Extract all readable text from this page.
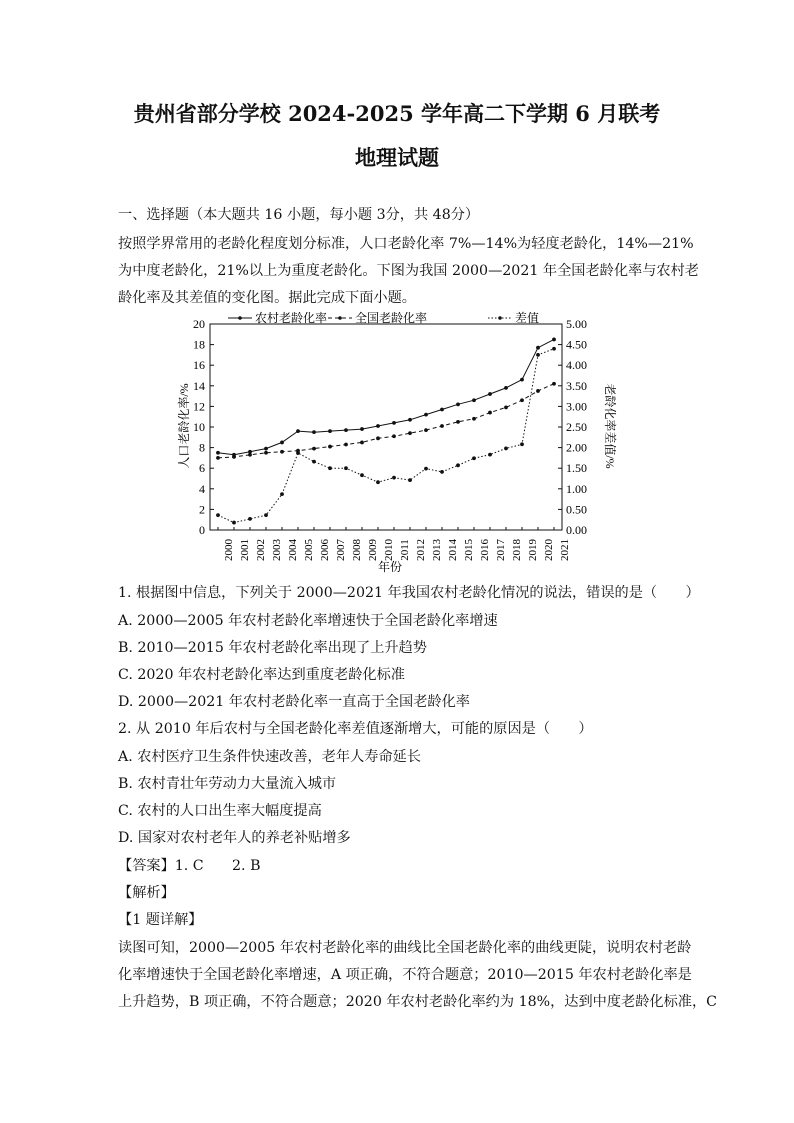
贵州省部分学校 2024-2025 学年高二下学期 6 月联考
地理试题
一、选择题（本大题共 16 小题，每小题 3分，共 48分）
按照学界常用的老龄化程度划分标准，人口老龄化率 7%—14%为轻度老龄化，14%—21%
为中度老龄化，21%以上为重度老龄化。下图为我国 2000—2021 年全国老龄化率与农村老
龄化率及其差值的变化图。据此完成下面小题。
农村老龄化率 全国老龄化率	差值
0
2
4
6
8
10
12
14
16
18
20
0.00
0.50
1.00
1.50
2.00
2.50
3.00
3.50
4.00
4.50
5.00
2000 2001 2002 2003 2004 2005 2006 2007 2008 2009 2010 2011 2012 2013 2014 2015 2016 2017 2018 2019 2020 2021
人口老龄化率/%	老龄化率差值/%
年份
1. 根据图中信息，下列关于 2000—2021 年我国农村老龄化情况的说法，错误的是（　　）
A. 2000—2005 年农村老龄化率增速快于全国老龄化率增速
B. 2010—2015 年农村老龄化率出现了上升趋势
C. 2020 年农村老龄化率达到重度老龄化标准
D. 2000—2021 年农村老龄化率一直高于全国老龄化率
2. 从 2010 年后农村与全国老龄化率差值逐渐增大，可能的原因是（　　）
A. 农村医疗卫生条件快速改善，老年人寿命延长
B. 农村青壮年劳动力大量流入城市
C. 农村的人口出生率大幅度提高
D. 国家对农村老年人的养老补贴增多
【答案】1. C　　2. B
【解析】
【1 题详解】
读图可知，2000—2005 年农村老龄化率的曲线比全国老龄化率的曲线更陡，说明农村老龄
化率增速快于全国老龄化率增速，A 项正确，不符合题意；2010—2015 年农村老龄化率是
上升趋势，B 项正确，不符合题意；2020 年农村老龄化率约为 18%，达到中度老龄化标准，C
